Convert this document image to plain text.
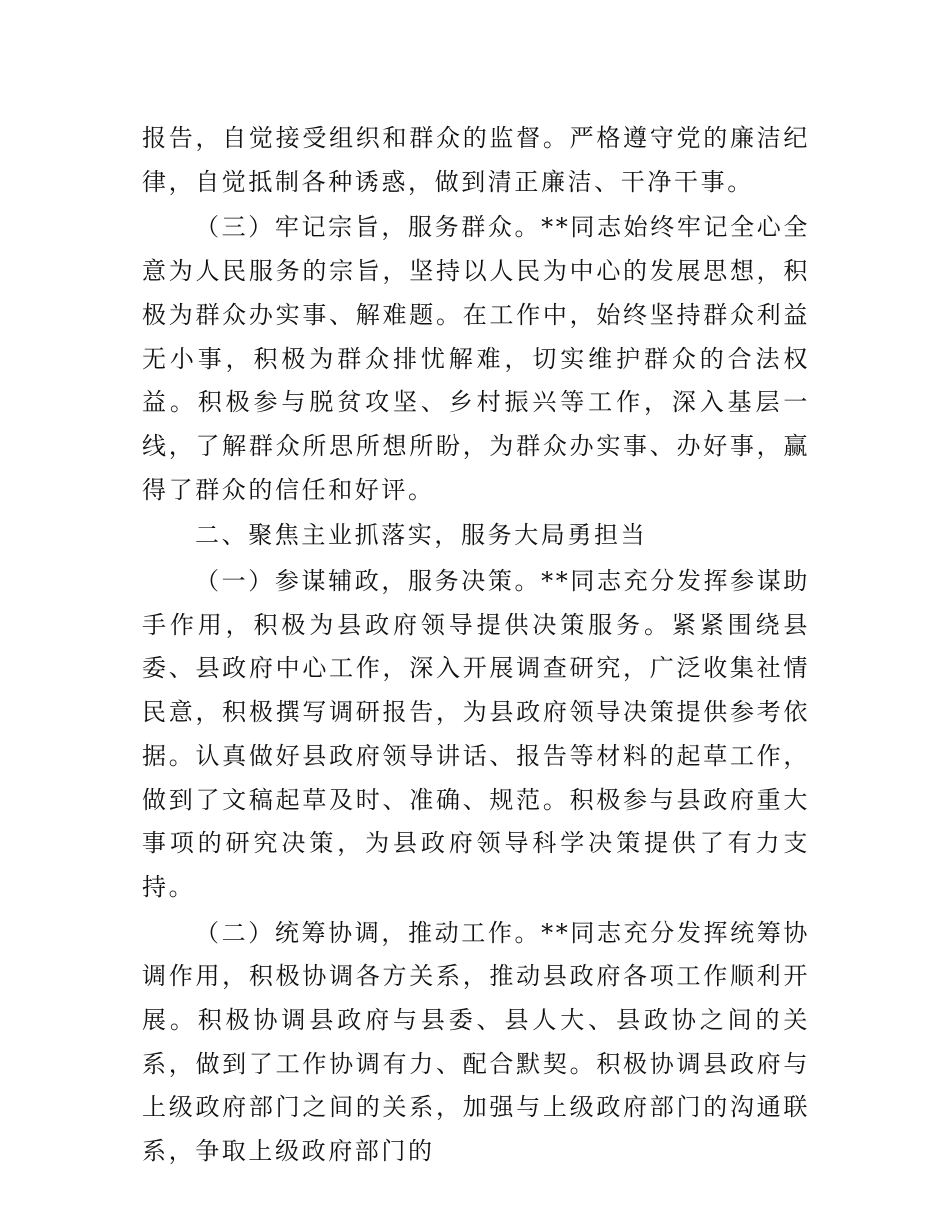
报告，自觉接受组织和群众的监督。严格遵守党的廉洁纪律，自觉抵制各种诱惑，做到清正廉洁、干净干事。

（三）牢记宗旨，服务群众。**同志始终牢记全心全意为人民服务的宗旨，坚持以人民为中心的发展思想，积极为群众办实事、解难题。在工作中，始终坚持群众利益无小事，积极为群众排忧解难，切实维护群众的合法权益。积极参与脱贫攻坚、乡村振兴等工作，深入基层一线，了解群众所思所想所盼，为群众办实事、办好事，赢得了群众的信任和好评。

二、聚焦主业抓落实，服务大局勇担当

（一）参谋辅政，服务决策。**同志充分发挥参谋助手作用，积极为县政府领导提供决策服务。紧紧围绕县委、县政府中心工作，深入开展调查研究，广泛收集社情民意，积极撰写调研报告，为县政府领导决策提供参考依据。认真做好县政府领导讲话、报告等材料的起草工作，做到了文稿起草及时、准确、规范。积极参与县政府重大事项的研究决策，为县政府领导科学决策提供了有力支持。

（二）统筹协调，推动工作。**同志充分发挥统筹协调作用，积极协调各方关系，推动县政府各项工作顺利开展。积极协调县政府与县委、县人大、县政协之间的关系，做到了工作协调有力、配合默契。积极协调县政府与上级政府部门之间的关系，加强与上级政府部门的沟通联系，争取上级政府部门的
